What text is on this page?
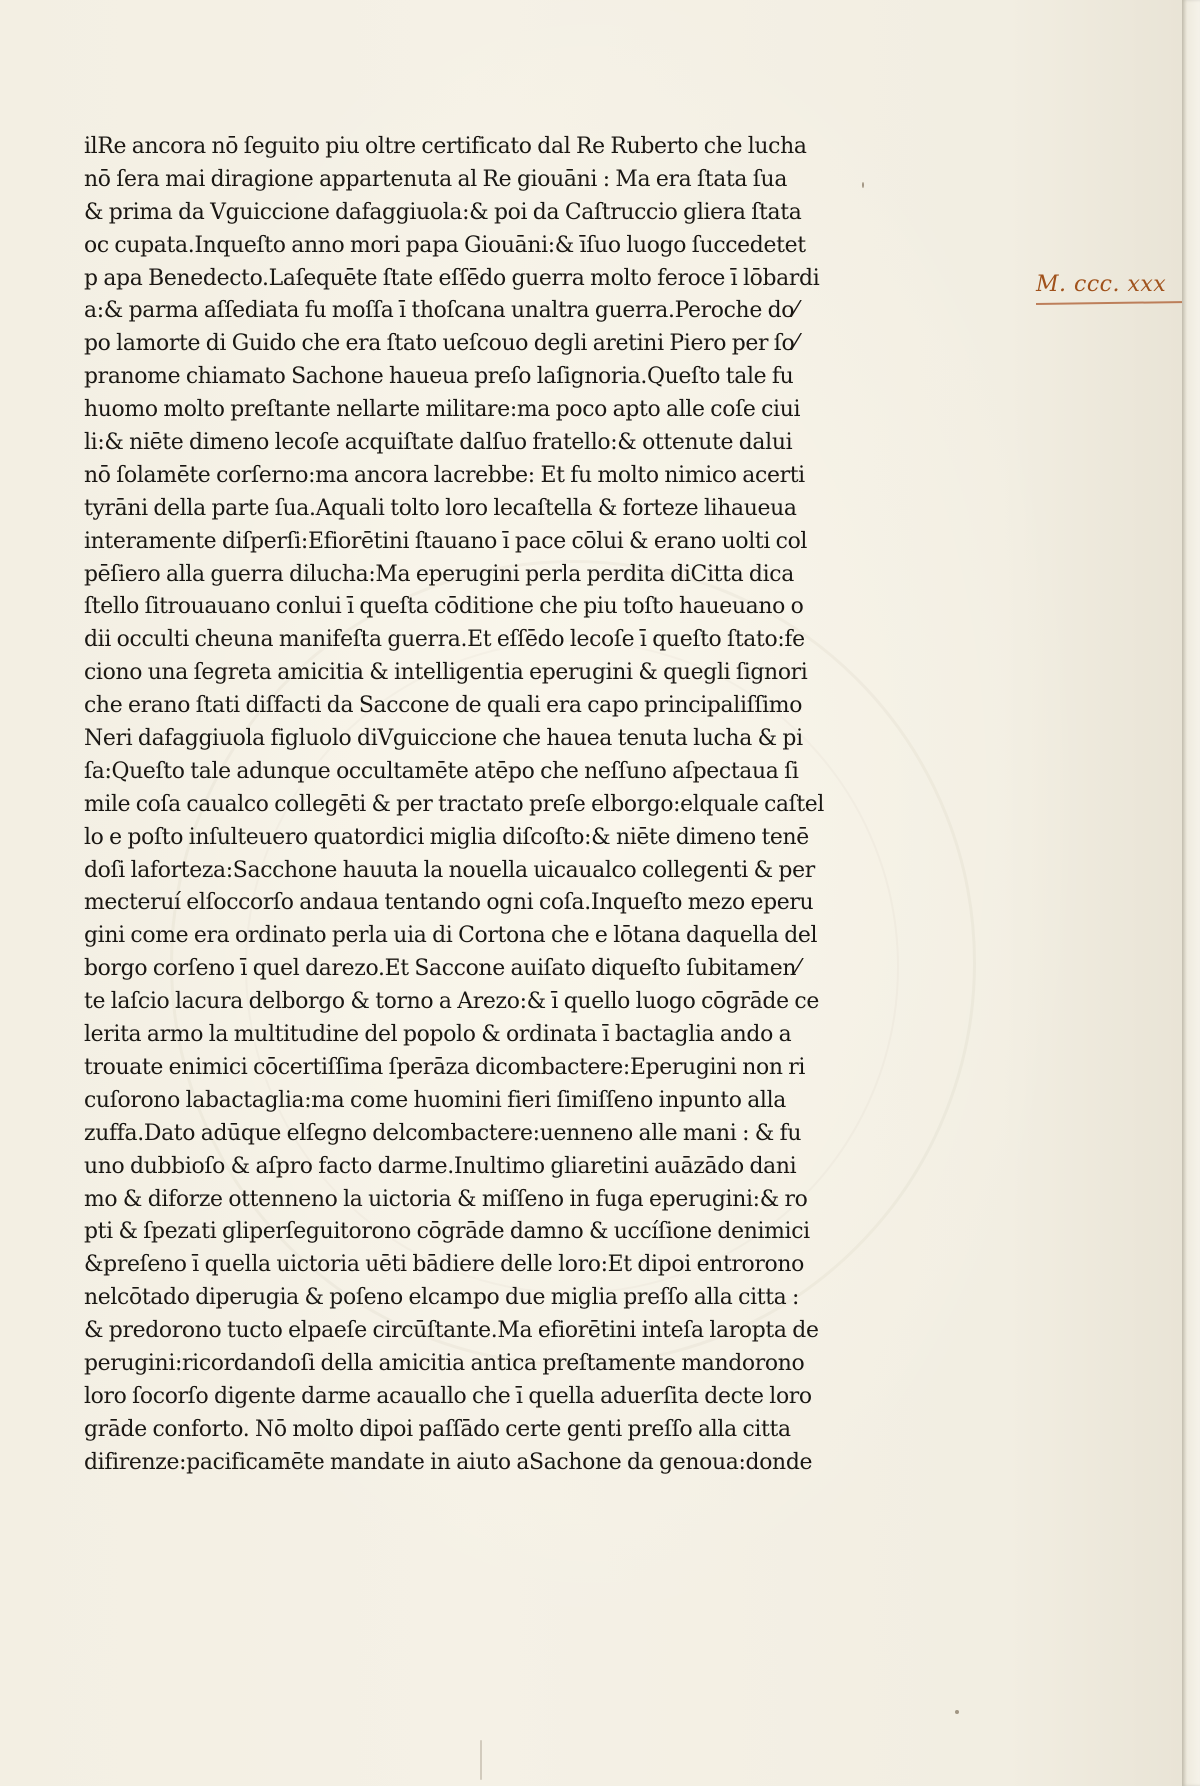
ilRe ancora nō ſeguito piu oltre certificato dal Re Ruberto che lucha
nō ſera mai diragione appartenuta al Re giouāni : Ma era ſtata ſua
& prima da Vguiccione dafaggiuola:& poi da Caſtruccio gliera ſtata
oc cupata.Inqueſto anno mori papa Giouāni:& īſuo luogo ſuccedetet
p apa Benedecto.Laſequēte ſtate eſſēdo guerra molto feroce ī lōbardi
a:& parma aſſediata fu moſſa ī thoſcana unaltra guerra.Peroche do⁄
po lamorte di Guido che era ſtato ueſcouo degli aretini Piero per ſo⁄
pranome chiamato Sachone haueua preſo laſignoria.Queſto tale fu
huomo molto preſtante nellarte militare:ma poco apto alle coſe ciui
li:& niēte dimeno lecoſe acquiſtate dalſuo fratello:& ottenute dalui
nō ſolamēte corſerno:ma ancora lacrebbe: Et fu molto nimico acerti
tyrāni della parte ſua.Aquali tolto loro lecaſtella & forteze lihaueua
interamente diſperſi:Efiorētini ſtauano ī pace cōlui & erano uolti col
pēſiero alla guerra dilucha:Ma eperugini perla perdita diCitta dica
ſtello ſitrouauano conlui ī queſta cōditione che piu toſto haueuano o
dii occulti cheuna manifeſta guerra.Et eſſēdo lecoſe ī queſto ſtato:fe
ciono una ſegreta amicitia & intelligentia eperugini & quegli ſignori
che erano ſtati diſfacti da Saccone de quali era capo principaliſſimo
Neri dafaggiuola figluolo diVguiccione che hauea tenuta lucha & pi
ſa:Queſto tale adunque occultamēte atēpo che neſſuno aſpectaua ſi
mile coſa caualco collegēti & per tractato preſe elborgo:elquale caſtel
lo e poſto inſulteuero quatordici miglia diſcoſto:& niēte dimeno tenē
doſi laforteza:Sacchone hauuta la nouella uicaualco collegenti & per
mecteruí elſoccorſo andaua tentando ogni coſa.Inqueſto mezo eperu
gini come era ordinato perla uia di Cortona che e lōtana daquella del
borgo corſeno ī quel darezo.Et Saccone auiſato diqueſto ſubitamen⁄
te laſcio lacura delborgo & torno a Arezo:& ī quello luogo cōgrāde ce
lerita armo la multitudine del popolo & ordinata ī bactaglia ando a
trouate enimici cōcertiſſima ſperāza dicombactere:Eperugini non ri
cuſorono labactaglia:ma come huomini fieri ſimiſſeno inpunto alla
zuffa.Dato adūque elſegno delcombactere:uenneno alle mani : & fu
uno dubbioſo & aſpro facto darme.Inultimo gliaretini auāzādo dani
mo & diforze ottenneno la uictoria & miſſeno in fuga eperugini:& ro
pti & ſpezati gliperſeguitorono cōgrāde damno & uccíſione denimici
&preſeno ī quella uictoria uēti bādiere delle loro:Et dipoi entrorono
nelcōtado diperugia & poſeno elcampo due miglia preſſo alla citta :
& predorono tucto elpaeſe circūſtante.Ma efiorētini inteſa laropta de
perugini:ricordandoſi della amicitia antica preſtamente mandorono
loro ſocorſo digente darme acauallo che ī quella aduerſita decte loro
grāde conforto. Nō molto dipoi paſſādo certe genti preſſo alla citta
difirenze:pacificamēte mandate in aiuto aSachone da genoua:donde
M. ccc. xxx
